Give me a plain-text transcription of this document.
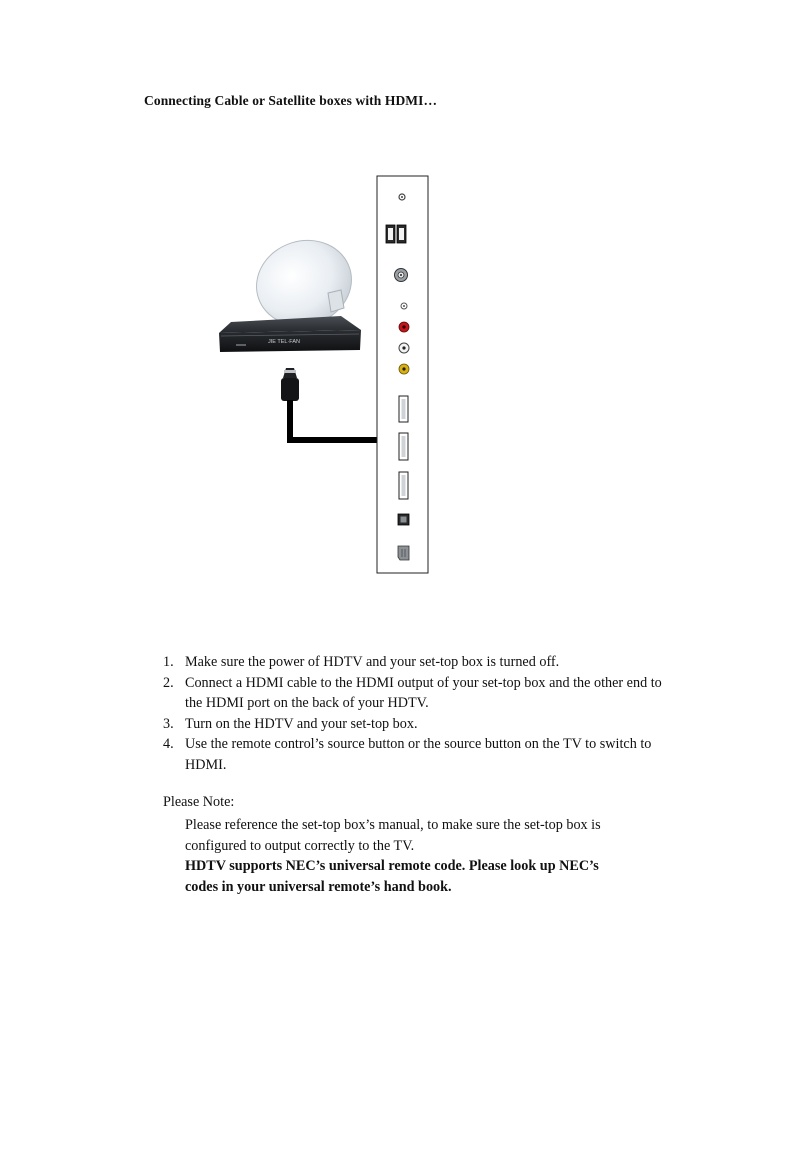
Connecting Cable or Satellite boxes with HDMI…
JIE TEL·FAN
1. Make sure the power of HDTV and your set-top box is turned off.
2. Connect a HDMI cable to the HDMI output of your set-top box and the other end to the HDMI port on the back of your HDTV.
3. Turn on the HDTV and your set-top box.
4. Use the remote control’s source button or the source button on the TV to switch to HDMI.

Please Note:

Please reference the set-top box’s manual, to make sure the set-top box is configured to output correctly to the TV.
HDTV supports NEC’s universal remote code. Please look up NEC’s
codes in your universal remote’s hand book.
